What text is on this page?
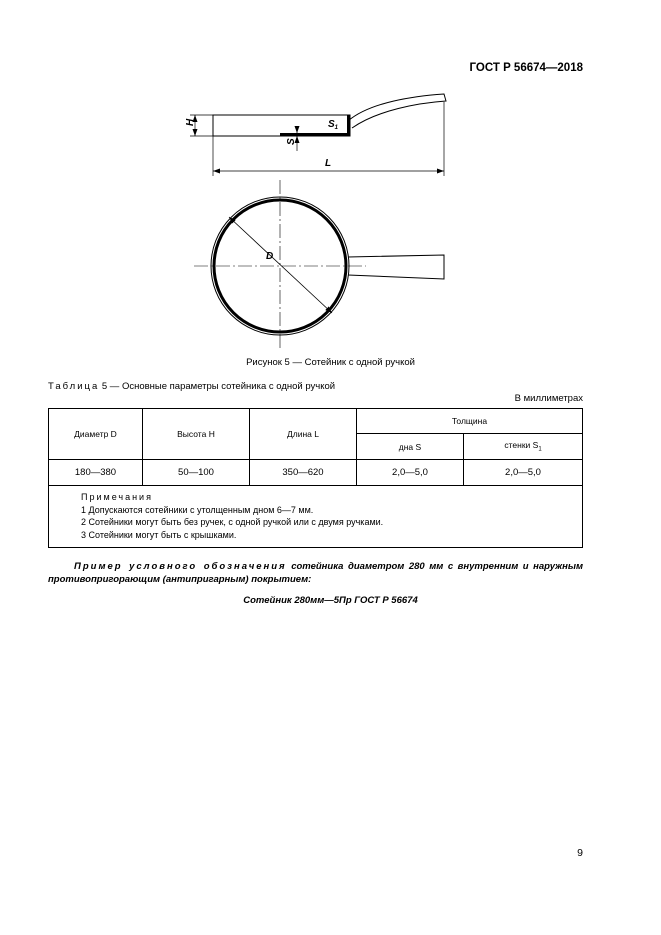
ГОСТ Р 56674—2018
H	$S_1$
S
L
D
Рисунок 5 — Сотейник с одной ручкой
Таблица 5 — Основные параметры сотейника с одной ручкой
В миллиметрах
Диаметр D	Высота H	Длина L	Толщина	
			дна S	стенки $S_1$
180—380	50—100	350—620	2,0—5,0	2,0—5,0

Примечания
1 Допускаются сотейники с утолщенным дном 6—7 мм.
2 Сотейники могут быть без ручек, с одной ручкой или с двумя ручками.
3 Сотейники могут быть с крышками.				
Пример условного обозначения сотейника диаметром 280 мм с внутренним и наружным противопригорающим (антипригарным) покрытием:
Сотейник 280мм—5Пр ГОСТ Р 56674
9
